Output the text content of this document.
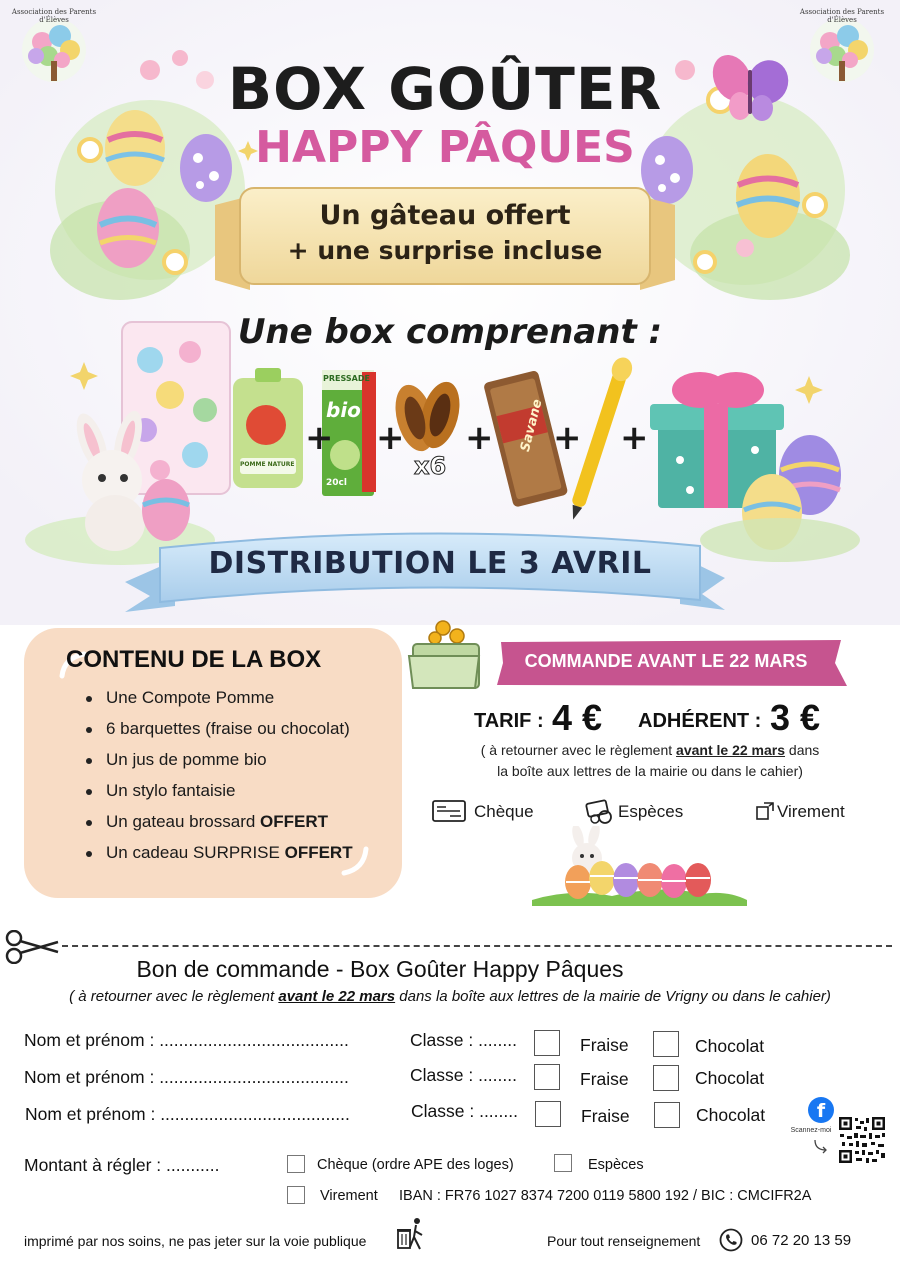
Association des Parents d'Élèves
Association des Parents d'Élèves
BOX GOÛTER
HAPPY PÂQUES
Un gâteau offert
+ une surprise incluse
Une box comprenant :
+ + + + +
PRESSADE
bio
20cl
POMME NATURE	x6
Savane
DISTRIBUTION LE 3 AVRIL
CONTENU DE LA BOX
Une Compote Pomme
6 barquettes (fraise ou chocolat)
Un jus de pomme bio
Un stylo fantaisie
Un gateau brossard OFFERT
Un cadeau SURPRISE OFFERT
COMMANDE AVANT LE 22 MARS
TARIF : 4 € ADHÉRENT : 3 €
( à retourner avec le règlement avant le 22 mars dans
la boîte aux lettres de la mairie ou dans le cahier)
Chèque	Espèces	Virement
Bon de commande - Box Goûter Happy Pâques
( à retourner avec le règlement avant le 22 mars dans la boîte aux lettres de la mairie de Vrigny ou dans le cahier)
Nom et prénom : .......................................	Classe : ........	Fraise	Chocolat
Nom et prénom : .......................................	Classe : ........	Fraise	Chocolat
Nom et prénom : .......................................	Classe : ........	Fraise	Chocolat	f
Scannez-moi
Montant à régler : ...........	Chèque (ordre APE des loges)	Espèces
Virement IBAN : FR76 1027 8374 7200 0119 5800 192 / BIC : CMCIFR2A
imprimé par nos soins, ne pas jeter sur la voie publique	Pour tout renseignement	06 72 20 13 59
